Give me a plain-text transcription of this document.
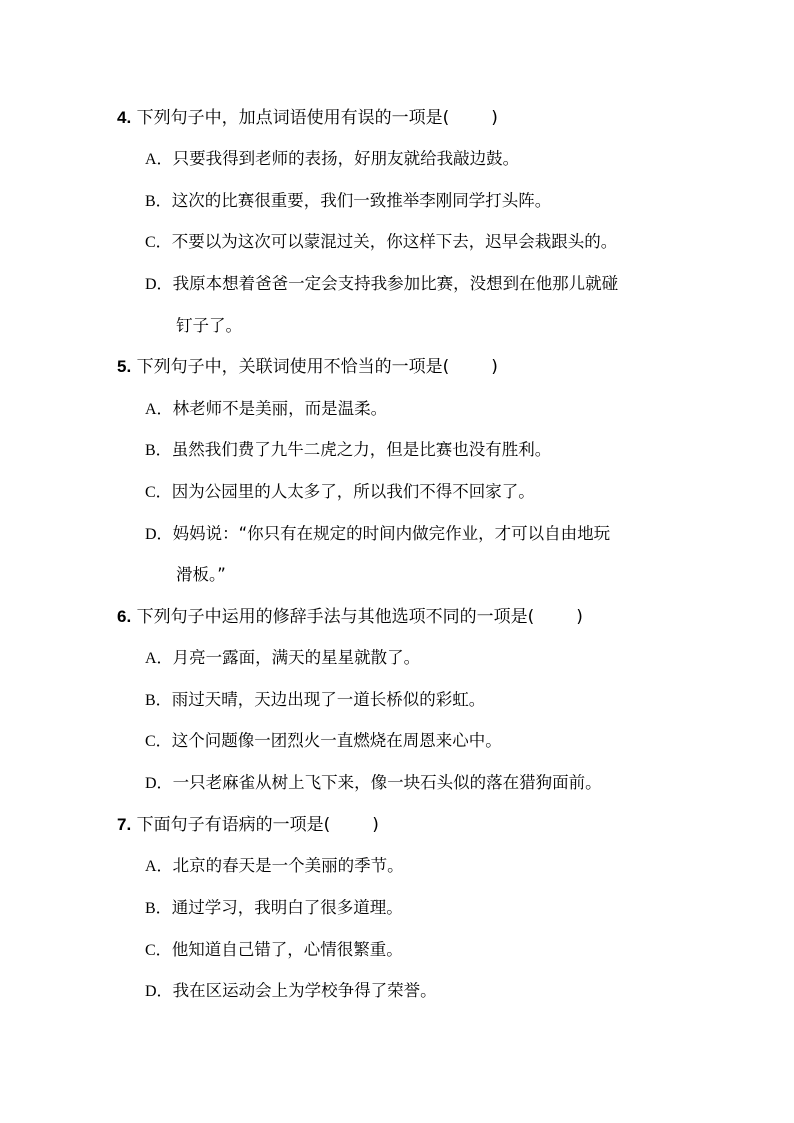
4. 下列句子中，加点词语使用有误的一项是( )
A．只要我得到老师的表扬，好朋友就给我敲边鼓。
B．这次的比赛很重要，我们一致推举李刚同学打头阵。
C．不要以为这次可以蒙混过关，你这样下去，迟早会栽跟头的。
D．我原本想着爸爸一定会支持我参加比赛，没想到在他那儿就碰
钉子了。
5. 下列句子中，关联词使用不恰当的一项是( )
A．林老师不是美丽，而是温柔。
B．虽然我们费了九牛二虎之力，但是比赛也没有胜利。
C．因为公园里的人太多了，所以我们不得不回家了。
D．妈妈说：“你只有在规定的时间内做完作业，才可以自由地玩
滑板。”
6. 下列句子中运用的修辞手法与其他选项不同的一项是( )
A．月亮一露面，满天的星星就散了。
B．雨过天晴，天边出现了一道长桥似的彩虹。
C．这个问题像一团烈火一直燃烧在周恩来心中。
D．一只老麻雀从树上飞下来，像一块石头似的落在猎狗面前。
7. 下面句子有语病的一项是( )
A．北京的春天是一个美丽的季节。
B．通过学习，我明白了很多道理。
C．他知道自己错了，心情很繁重。
D．我在区运动会上为学校争得了荣誉。
